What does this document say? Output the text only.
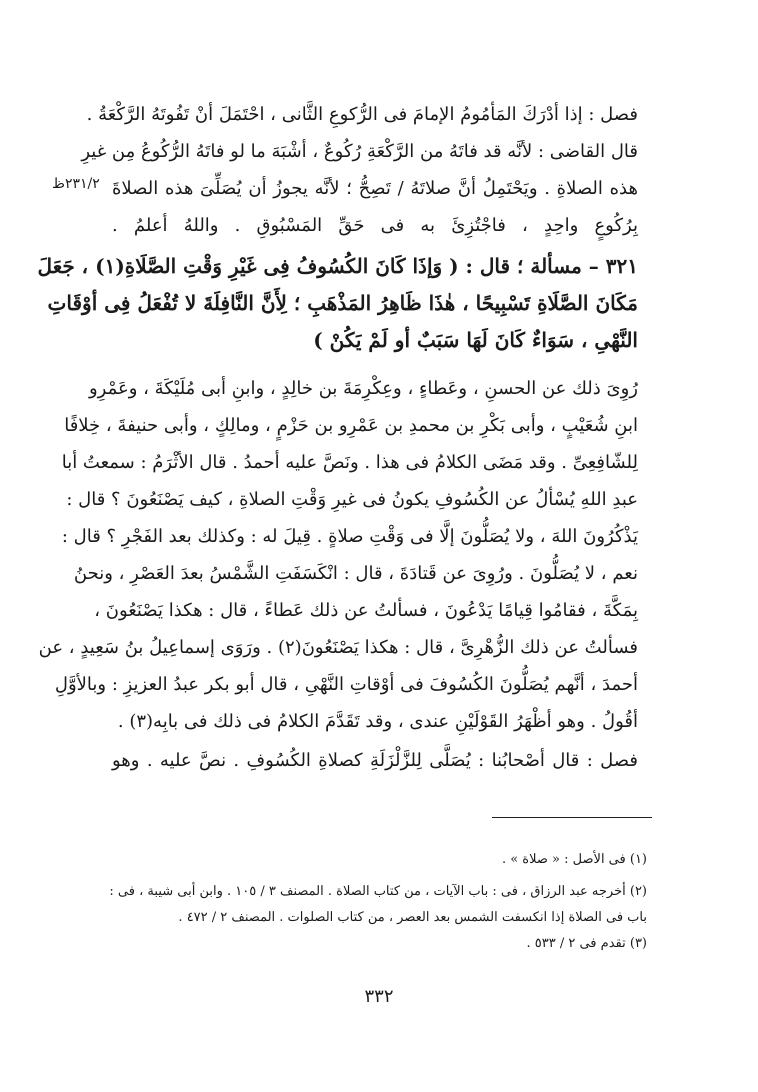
فصل : إذا أدْرَكَ المَأمُومُ الإمامَ فى الرُّكوعِ الثَّانى ، احْتَمَلَ أنْ تَفُوتَهُ الرَّكْعَةُ .
قال القاضى : لأنَّه قد فاتَهُ من الرَّكْعَةِ رُكُوعٌ ، أشْبَهَ ما لو فاتَهُ الرُّكُوعُ مِن غيرِ
هذه الصلاةِ . ويَحْتَمِلُ أنَّ صلاتَهُ / تَصِحُّ ؛ لأنَّه يجوزُ أن يُصَلِّىَ هذه الصلاةَ
بِرُكُوعٍ واحِدٍ ، فاجْتُزِئَ به فى حَقِّ المَسْبُوقِ . واللهُ أعلمُ .
٢٣١/٢ظ
٣٢١ – مسألة ؛ قال : ( وَإذَا كَانَ الكُسُوفُ فِى غَيْرِ وَقْتِ الصَّلَاةِ(١) ، جَعَلَ
مَكَانَ الصَّلَاةِ تَسْبِيحًا ، هٰذَا ظَاهِرُ المَذْهَبِ ؛ لِأَنَّ النَّافِلَةَ لا تُفْعَلُ فِى أوْقَاتِ
النَّهْىِ ، سَوَاءٌ كَانَ لَهَا سَبَبٌ أو لَمْ يَكُنْ )
رُوِىَ ذلك عن الحسنِ ، وعَطاءٍ ، وعِكْرِمَةَ بن خالِدٍ ، وابنِ أبى مُلَيْكَةَ ، وعَمْرِو
ابنِ شُعَيْبٍ ، وأبى بَكْرِ بن محمدِ بن عَمْرِو بن حَزْمٍ ، ومالِكٍ ، وأبى حنيفةَ ، خِلافًا
لِلشّافِعِىِّ . وقد مَضَى الكلامُ فى هذا . ونَصَّ عليه أحمدُ . قال الأثْرَمُ : سمعتُ أبا
عبدِ اللهِ يُسْألُ عن الكُسُوفِ يكونُ فى غيرِ وَقْتِ الصلاةِ ، كيف يَصْنَعُونَ ؟ قال :
يَذْكُرُونَ اللهَ ، ولا يُصَلُّونَ إلَّا فى وَقْتِ صلاةٍ . قِيلَ له : وكذلك بعد الفَجْرِ ؟ قال :
نعم ، لا يُصَلُّونَ . ورُوِىَ عن قَتادَةَ ، قال : انْكَسَفَتِ الشَّمْسُ بعدَ العَصْرِ ، ونحنُ
بِمَكَّةَ ، فقامُوا قِيامًا يَدْعُونَ ، فسألتُ عن ذلك عَطاءً ، قال : هكذا يَصْنَعُونَ ،
فسألتُ عن ذلك الزُّهْرِىَّ ، قال : هكذا يَصْنَعُونَ(٢) . ورَوَى إسماعِيلُ بنُ سَعِيدٍ ، عن
أحمدَ ، أنَّهم يُصَلُّونَ الكُسُوفَ فى أوْقاتِ النَّهْىِ ، قال أبو بكر عبدُ العزيزِ : وبالأوَّلِ
أقُولُ . وهو أظْهَرُ القَوْلَيْنِ عندى ، وقد تَقَدَّمَ الكلامُ فى ذلك فى بابِه(٣) .
فصل : قال أصْحابُنا : يُصَلَّى لِلزَّلْزَلَةِ كصلاةِ الكُسُوفِ . نصَّ عليه . وهو
(١) فى الأصل : « صلاة » .
(٢) أخرجه عبد الرزاق ، فى : باب الآيات ، من كتاب الصلاة . المصنف ٣ / ١٠٥ . وابن أبى شيبة ، فى :
باب فى الصلاة إذا انكسفت الشمس بعد العصر ، من كتاب الصلوات . المصنف ٢ / ٤٧٢ .
(٣) تقدم فى ٢ / ٥٣٣ .
٣٣٢
